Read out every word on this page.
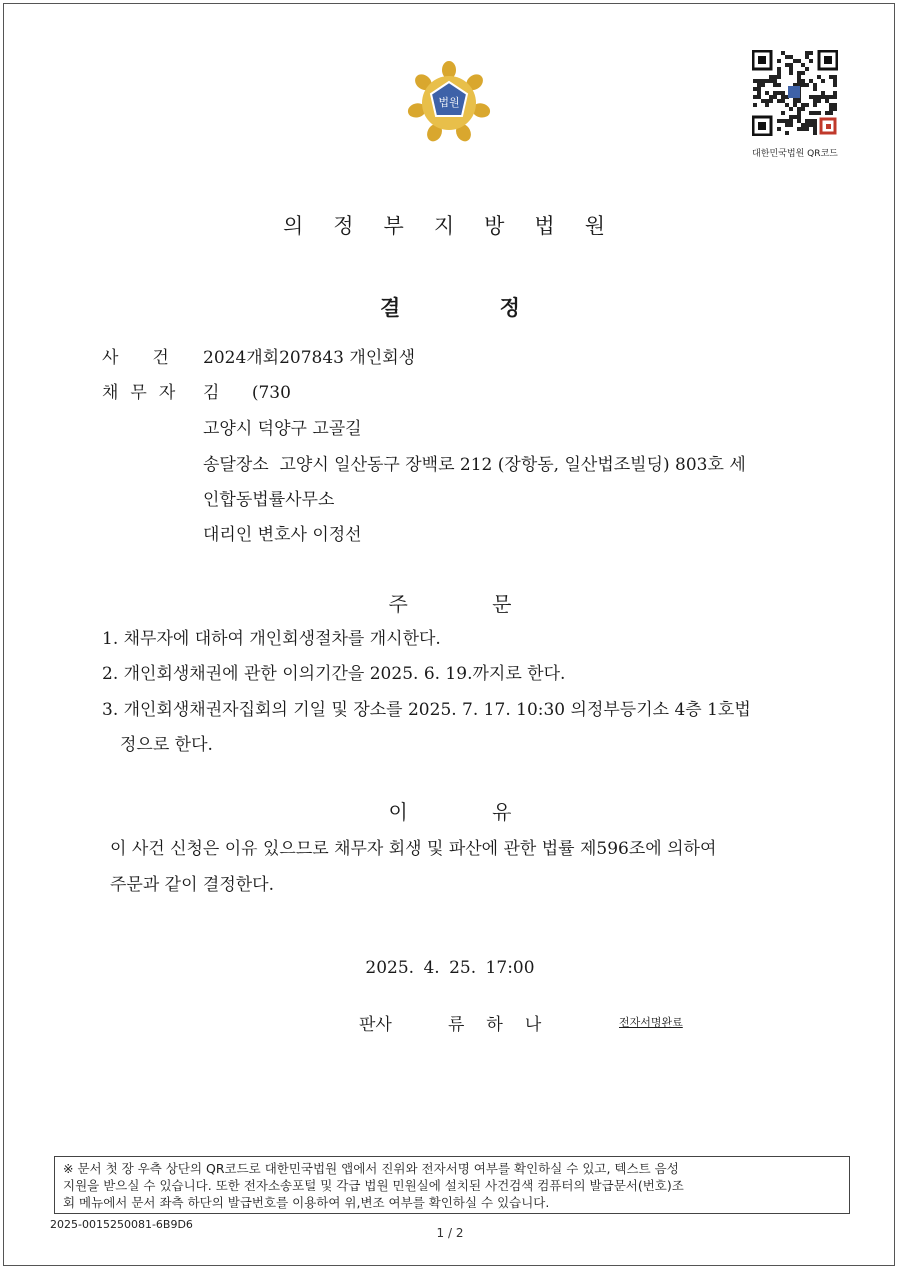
법원
대한민국법원 QR코드
의정부지방법원
결 정
사건 2024개회207843 개인회생
채무자 김      (730
고양시 덕양구 고골길
송달장소  고양시 일산동구 장백로 212 (장항동, 일산법조빌딩) 803호 세
인합동법률사무소
대리인 변호사 이정선
주 문
1. 채무자에 대하여 개인회생절차를 개시한다.
2. 개인회생채권에 관한 이의기간을 2025. 6. 19.까지로 한다.
3. 개인회생채권자집회의 기일 및 장소를 2025. 7. 17. 10:30 의정부등기소 4층 1호법
정으로 한다.
이 유
이 사건 신청은 이유 있으므로 채무자 회생 및 파산에 관한 법률 제596조에 의하여
주문과 같이 결정한다.
2025. 4. 25. 17:00
판사	류하나	전자서명완료
※ 문서 첫 장 우측 상단의 QR코드로 대한민국법원 앱에서 진위와 전자서명 여부를 확인하실 수 있고, 텍스트 음성
지원을 받으실 수 있습니다. 또한 전자소송포털 및 각급 법원 민원실에 설치된 사건검색 컴퓨터의 발급문서(번호)조
회 메뉴에서 문서 좌측 하단의 발급번호를 이용하여 위,변조 여부를 확인하실 수 있습니다.
2025-0015250081-6B9D6
1 / 2
